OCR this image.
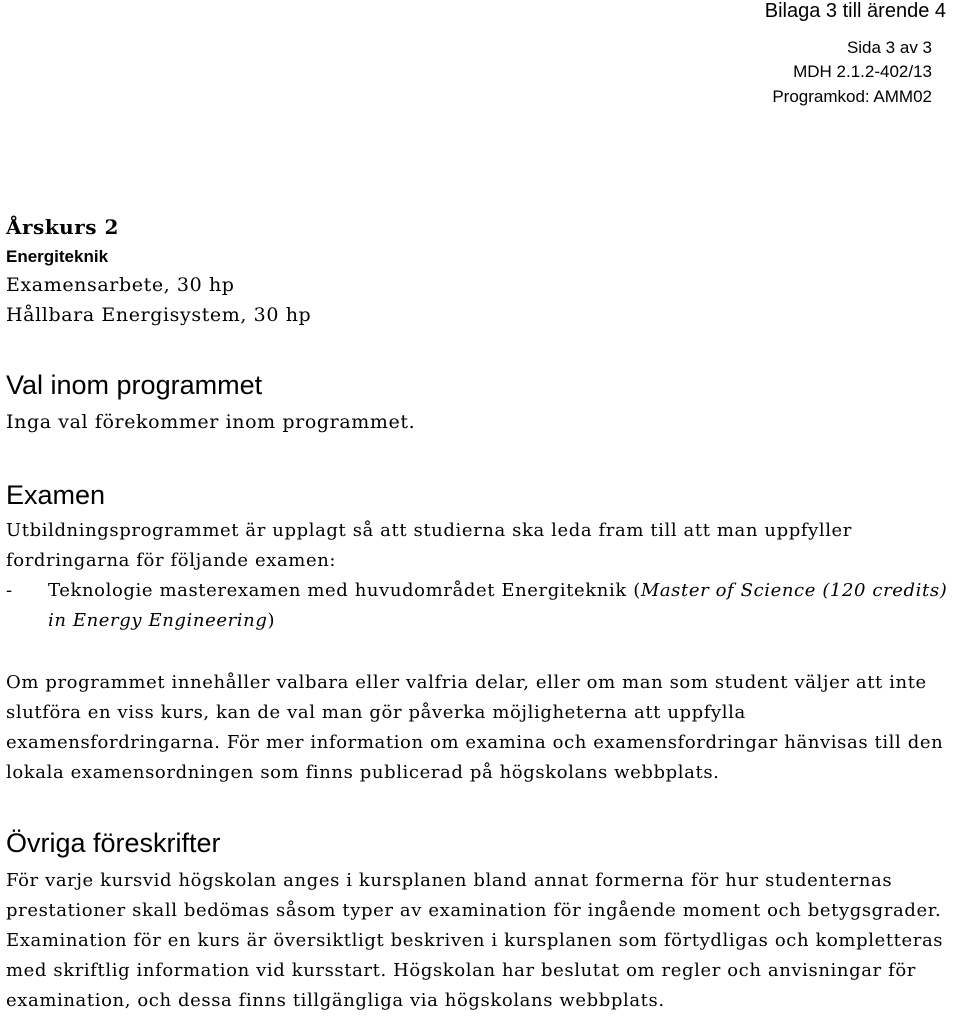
Bilaga 3 till ärende 4
Sida 3 av 3
MDH 2.1.2-402/13
Programkod: AMM02
Årskurs 2
Energiteknik
Examensarbete, 30 hp
Hållbara Energisystem, 30 hp
Val inom programmet
Inga val förekommer inom programmet.
Examen
Utbildningsprogrammet är upplagt så att studierna ska leda fram till att man uppfyller fordringarna för följande examen:
- Teknologie masterexamen med huvudområdet Energiteknik (Master of Science (120 credits) in Energy Engineering)
Om programmet innehåller valbara eller valfria delar, eller om man som student väljer att inte slutföra en viss kurs, kan de val man gör påverka möjligheterna att uppfylla examensfordringarna. För mer information om examina och examensfordringar hänvisas till den lokala examensordningen som finns publicerad på högskolans webbplats.
Övriga föreskrifter
För varje kursvid högskolan anges i kursplanen bland annat formerna för hur studenternas prestationer skall bedömas såsom typer av examination för ingående moment och betygsgrader. Examination för en kurs är översiktligt beskriven i kursplanen som förtydligas och kompletteras med skriftlig information vid kursstart. Högskolan har beslutat om regler och anvisningar för examination, och dessa finns tillgängliga via högskolans webbplats.
